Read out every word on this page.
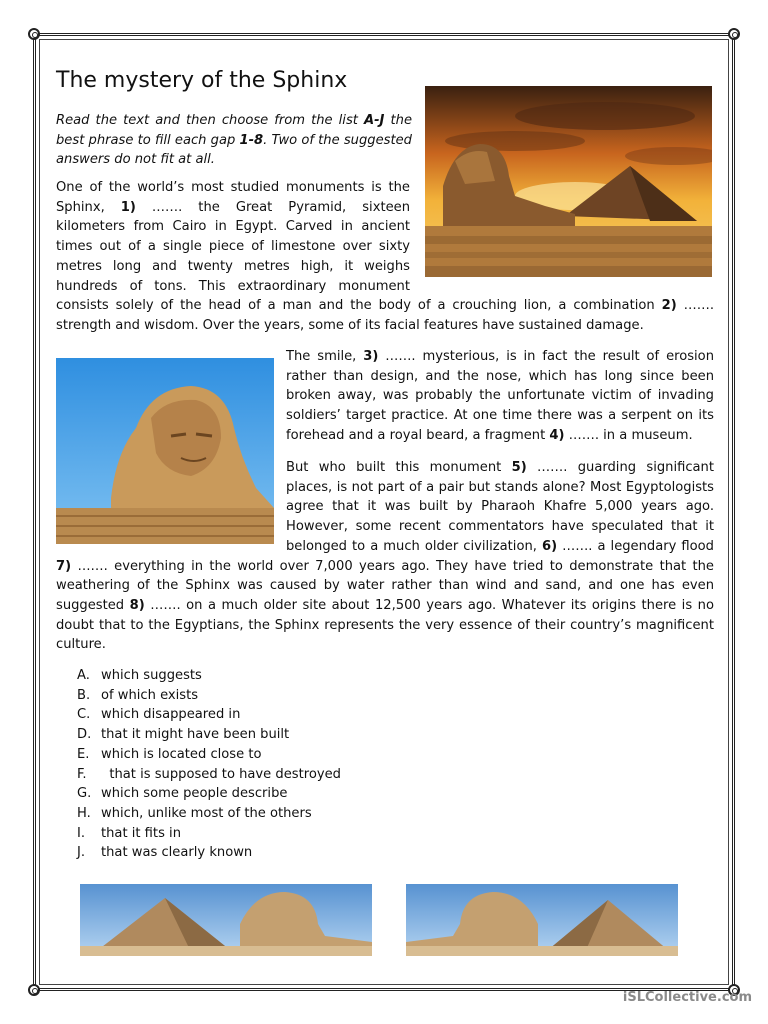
The mystery of the Sphinx

Read the text and then choose from the list A-J the best phrase to fill each gap 1-8. Two of the suggested answers do not fit at all.

One of the world’s most studied monuments is the Sphinx, 1) ……. the Great Pyramid, sixteen kilometers from Cairo in Egypt. Carved in ancient times out of a single piece of limestone over sixty metres long and twenty metres high, it weighs hundreds of tons. This extraordinary monument consists solely of the head of a man and the body of a crouching lion, a combination 2) ……. strength and wisdom. Over the years, some of its facial features have sustained damage.

The smile, 3) ……. mysterious, is in fact the result of erosion rather than design, and the nose, which has long since been broken away, was probably the unfortunate victim of invading soldiers’ target practice. At one time there was a serpent on its forehead and a royal beard, a fragment 4) ……. in a museum.

But who built this monument 5) ……. guarding significant places, is not part of a pair but stands alone? Most Egyptologists agree that it was built by Pharaoh Khafre 5,000 years ago. However, some recent commentators have speculated that it belonged to a much older civilization, 6) ……. a legendary flood 7) ……. everything in the world over 7,000 years ago. They have tried to demonstrate that the weathering of the Sphinx was caused by water rather than wind and sand, and one has even suggested 8) ……. on a much older site about 12,500 years ago. Whatever its origins there is no doubt that to the Egyptians, the Sphinx represents the very essence of their country’s magnificent culture.

A. which suggests
B. of which exists
C. which disappeared in
D. that it might have been built
E. which is located close to
F.	that is supposed to have destroyed
G. which some people describe
H. which, unlike most of the others
I.	that it fits in
J.	that was clearly known
iSLCollective.com
